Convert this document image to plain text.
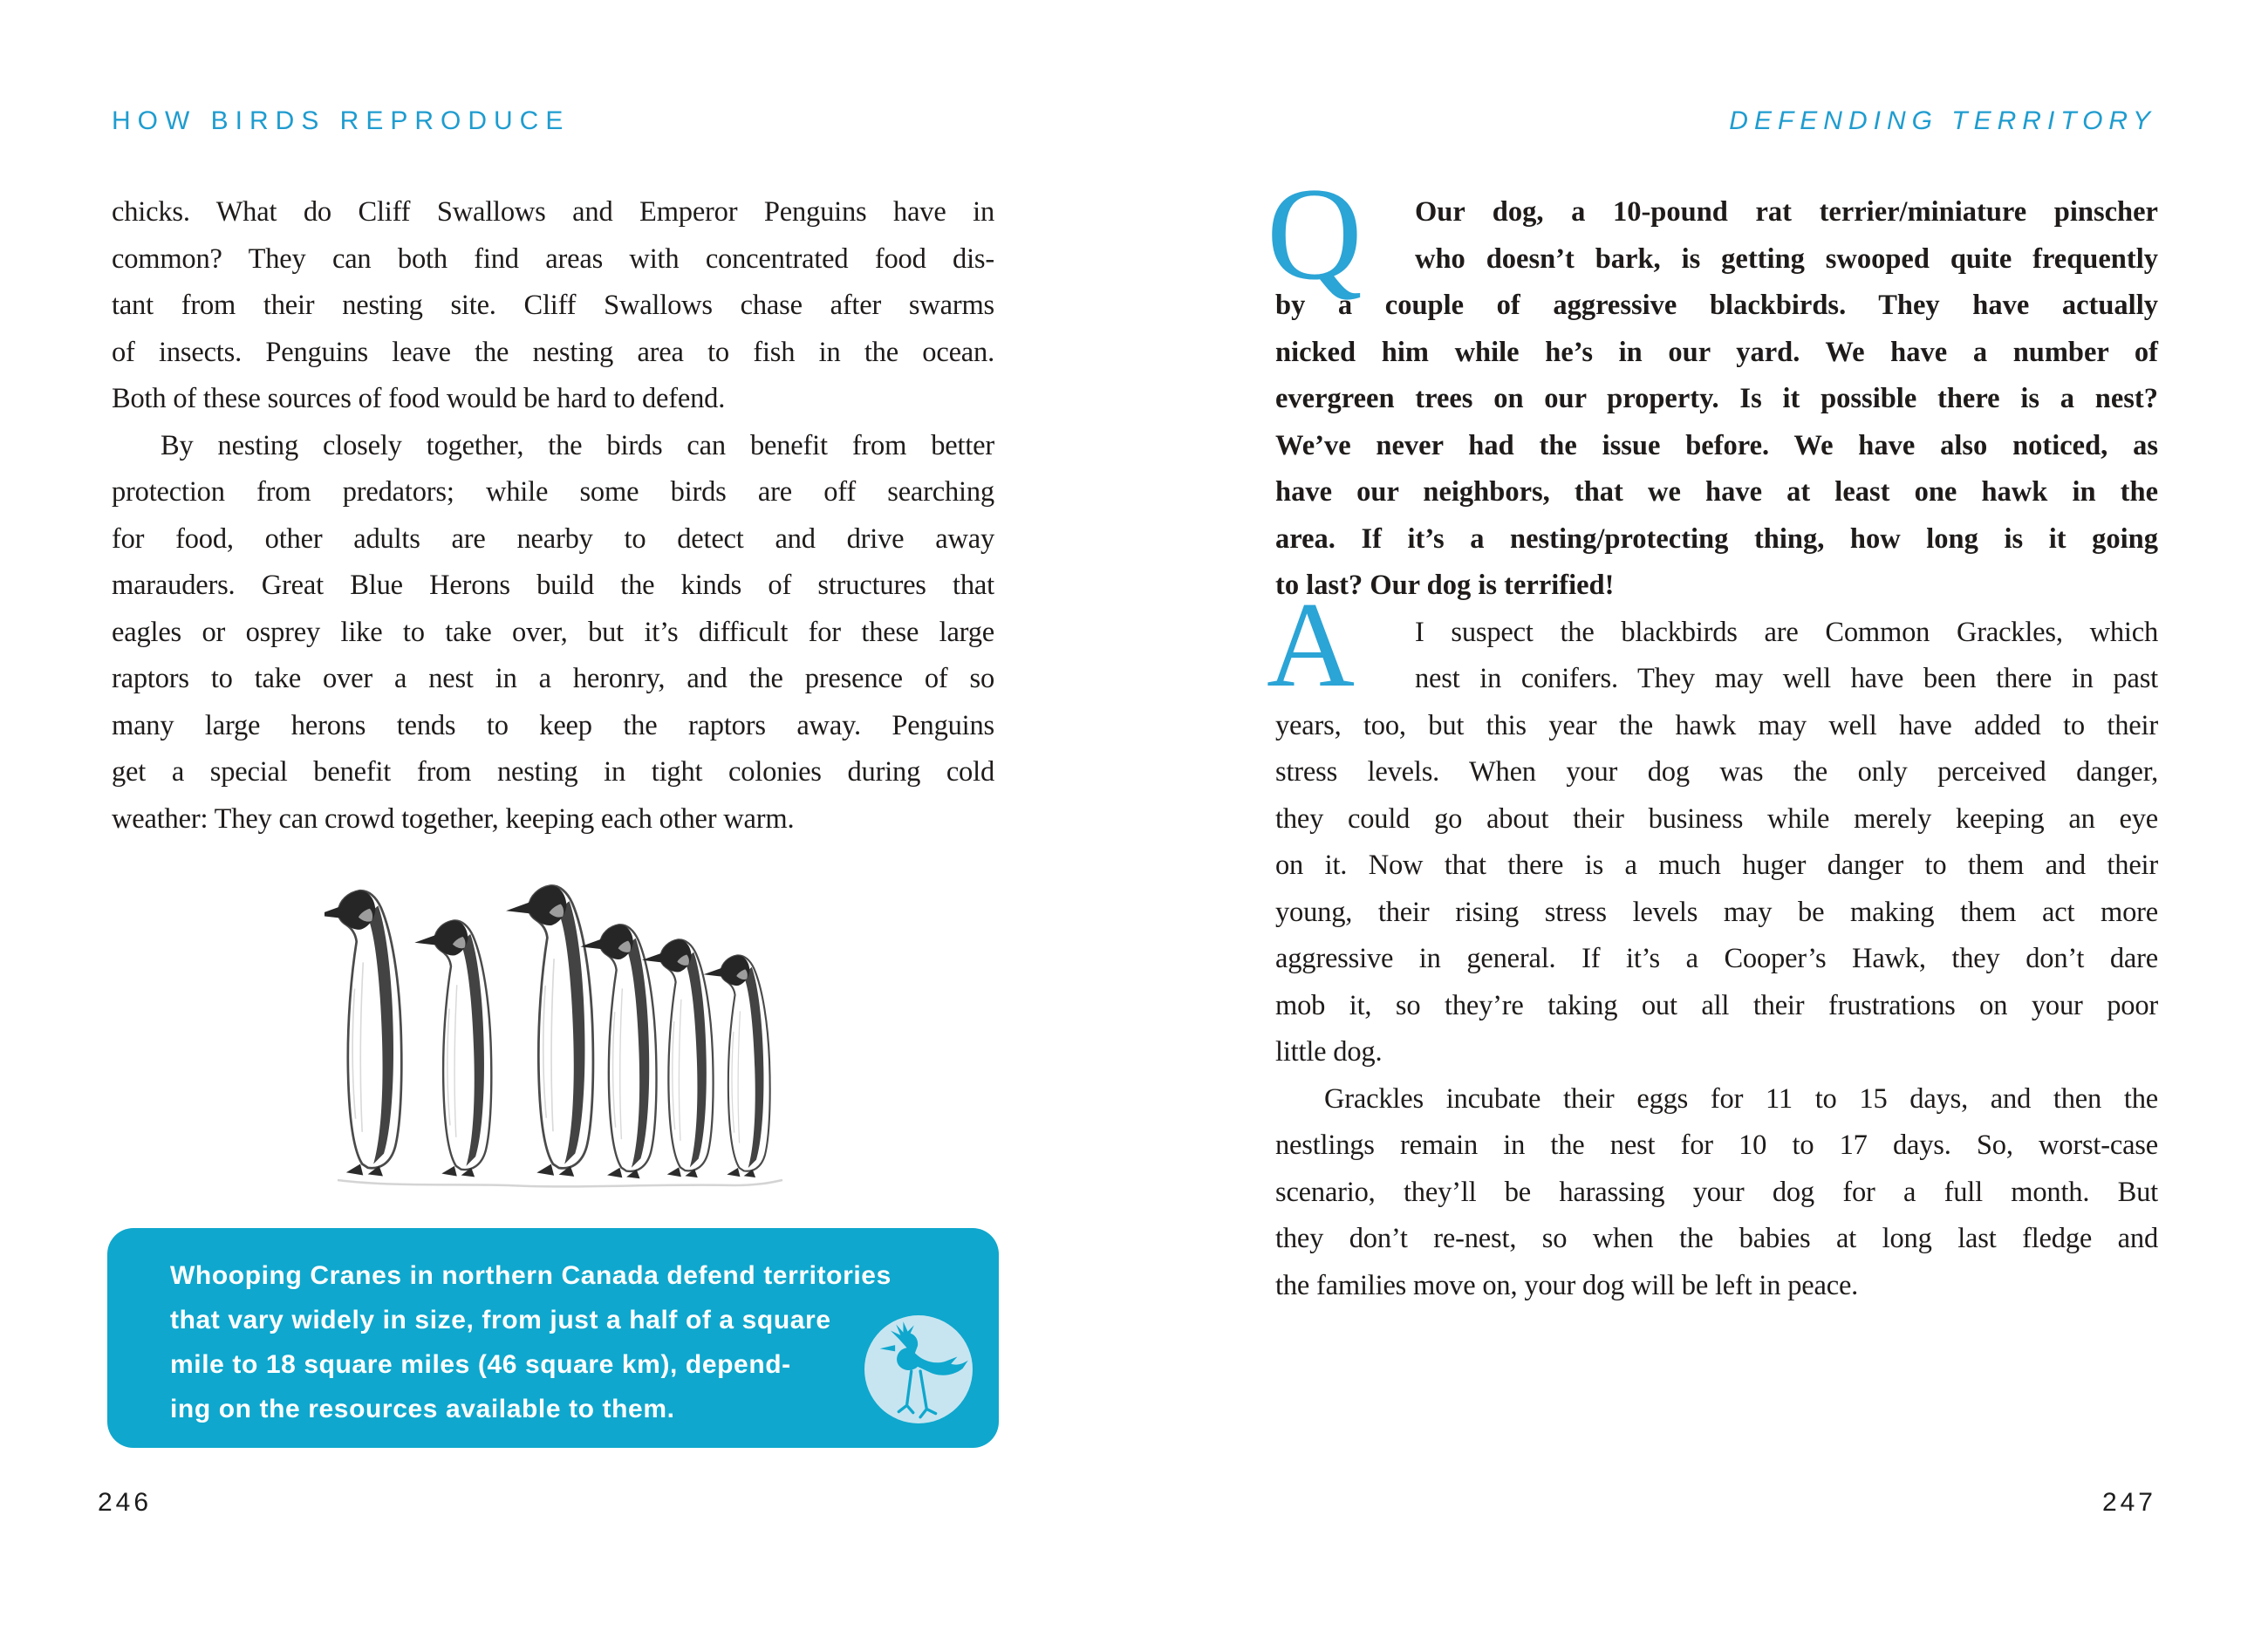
HOW BIRDS REPRODUCE
chicks. What do Cliff Swallows and Emperor Penguins have in
common? They can both find areas with concentrated food dis-
tant from their nesting site. Cliff Swallows chase after swarms
of insects. Penguins leave the nesting area to fish in the ocean.
Both of these sources of food would be hard to defend.
By nesting closely together, the birds can benefit from better
protection from predators; while some birds are off searching
for food, other adults are nearby to detect and drive away
marauders. Great Blue Herons build the kinds of structures that
eagles or osprey like to take over, but it’s difficult for these large
raptors to take over a nest in a heronry, and the presence of so
many large herons tends to keep the raptors away. Penguins
get a special benefit from nesting in tight colonies during cold
weather: They can crowd together, keeping each other warm.
Whooping Cranes in northern Canada defend territories
that vary widely in size, from just a half of a square
mile to 18 square miles (46 square km), depend-
ing on the resources available to them.
246
DEFENDING TERRITORY
Q	Our dog, a 10-pound rat terrier/miniature pinscher
who doesn’t bark, is getting swooped quite frequently
by a couple of aggressive blackbirds. They have actually
nicked him while he’s in our yard. We have a number of
evergreen trees on our property. Is it possible there is a nest?
We’ve never had the issue before. We have also noticed, as
have our neighbors, that we have at least one hawk in the
area. If it’s a nesting/protecting thing, how long is it going
to last? Our dog is terrified!
A	I suspect the blackbirds are Common Grackles, which
nest in conifers. They may well have been there in past
years, too, but this year the hawk may well have added to their
stress levels. When your dog was the only perceived danger,
they could go about their business while merely keeping an eye
on it. Now that there is a much huger danger to them and their
young, their rising stress levels may be making them act more
aggressive in general. If it’s a Cooper’s Hawk, they don’t dare
mob it, so they’re taking out all their frustrations on your poor
little dog.
Grackles incubate their eggs for 11 to 15 days, and then the
nestlings remain in the nest for 10 to 17 days. So, worst-case
scenario, they’ll be harassing your dog for a full month. But
they don’t re-nest, so when the babies at long last fledge and
the families move on, your dog will be left in peace.
247
